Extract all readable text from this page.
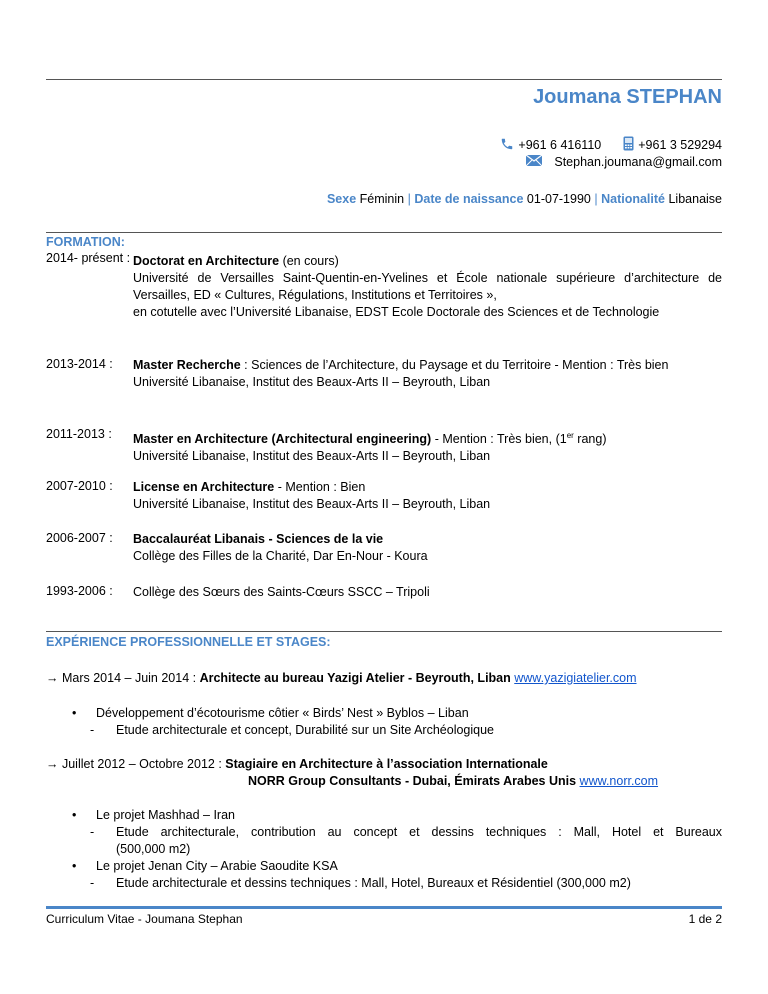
Joumana STEPHAN
+961 6 416110	+961 3 529294
Stephan.joumana@gmail.com
Sexe Féminin | Date de naissance 01-07-1990 | Nationalité Libanaise
FORMATION:
2014- présent : Doctorat en Architecture (en cours)
Université de Versailles Saint-Quentin-en-Yvelines et École nationale supérieure d’architecture de Versailles, ED « Cultures, Régulations, Institutions et Territoires »,
en cotutelle avec l’Université Libanaise, EDST Ecole Doctorale des Sciences et de Technologie
2013-2014 :	Master Recherche : Sciences de l’Architecture, du Paysage et du Territoire - Mention : Très bien
Université Libanaise, Institut des Beaux-Arts II – Beyrouth, Liban
2011-2013 :	Master en Architecture (Architectural engineering) - Mention : Très bien, (1er rang)
Université Libanaise, Institut des Beaux-Arts II – Beyrouth, Liban
2007-2010 :	License en Architecture - Mention : Bien
Université Libanaise, Institut des Beaux-Arts II – Beyrouth, Liban
2006-2007 :	Baccalauréat Libanais - Sciences de la vie
Collège des Filles de la Charité, Dar En-Nour - Koura
1993-2006 :	Collège des Sœurs des Saints-Cœurs SSCC – Tripoli
EXPÉRIENCE PROFESSIONNELLE ET STAGES:
→ Mars 2014 – Juin 2014 : Architecte au bureau Yazigi Atelier - Beyrouth, Liban www.yazigiatelier.com
• Développement d’écotourisme côtier « Birds’ Nest » Byblos – Liban
- Etude architecturale et concept, Durabilité sur un Site Archéologique
→ Juillet 2012 – Octobre 2012 : Stagiaire en Architecture à l’association Internationale
NORR Group Consultants - Dubai, Émirats Arabes Unis www.norr.com
• Le projet Mashhad – Iran
- Etude architecturale, contribution au concept et dessins techniques : Mall, Hotel et Bureaux
(500,000 m2)
• Le projet Jenan City – Arabie Saoudite KSA
- Etude architecturale et dessins techniques : Mall, Hotel, Bureaux et Résidentiel (300,000 m2)
Curriculum Vitae - Joumana Stephan	1 de 2
